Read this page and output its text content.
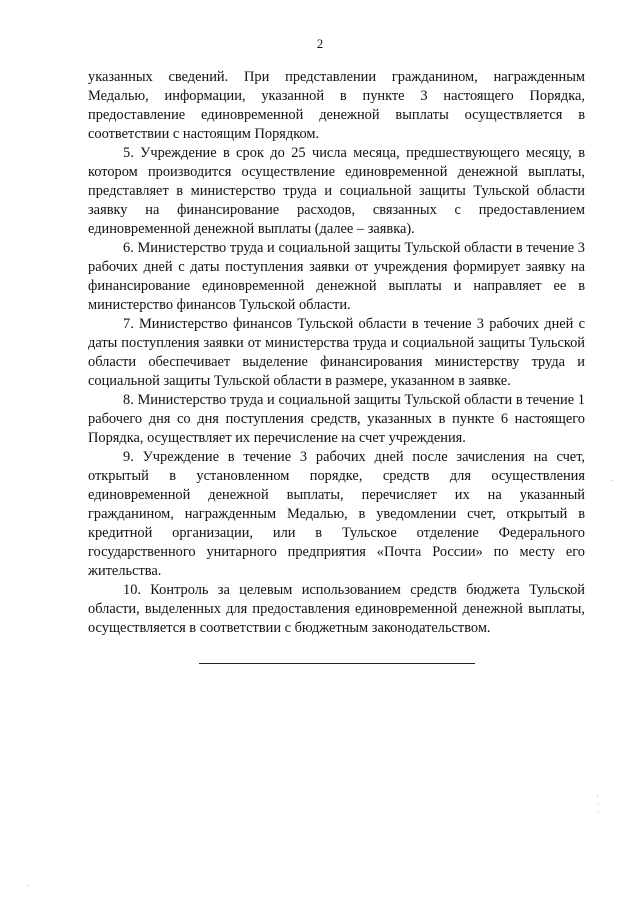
2

указанных сведений. При представлении гражданином, награжденным Медалью, информации, указанной в пункте 3 настоящего Порядка, предоставление единовременной денежной выплаты осуществляется в соответствии с настоящим Порядком.

5. Учреждение в срок до 25 числа месяца, предшествующего месяцу, в котором производится осуществление единовременной денежной выплаты, представляет в министерство труда и социальной защиты Тульской области заявку на финансирование расходов, связанных с предоставлением единовременной денежной выплаты (далее – заявка).

6. Министерство труда и социальной защиты Тульской области в течение 3 рабочих дней с даты поступления заявки от учреждения формирует заявку на финансирование единовременной денежной выплаты и направляет ее в министерство финансов Тульской области.

7. Министерство финансов Тульской области в течение 3 рабочих дней с даты поступления заявки от министерства труда и социальной защиты Тульской области обеспечивает выделение финансирования министерству труда и социальной защиты Тульской области в размере, указанном в заявке.

8. Министерство труда и социальной защиты Тульской области в течение 1 рабочего дня со дня поступления средств, указанных в пункте 6 настоящего Порядка, осуществляет их перечисление на счет учреждения.

9. Учреждение в течение 3 рабочих дней после зачисления на счет, открытый в установленном порядке, средств для осуществления единовременной денежной выплаты, перечисляет их на указанный гражданином, награжденным Медалью, в уведомлении счет, открытый в кредитной организации, или в Тульское отделение Федерального государственного унитарного предприятия «Почта России» по месту его жительства.

10. Контроль за целевым использованием средств бюджета Тульской области, выделенных для предоставления единовременной денежной выплаты, осуществляется в соответствии с бюджетным законодательством.
